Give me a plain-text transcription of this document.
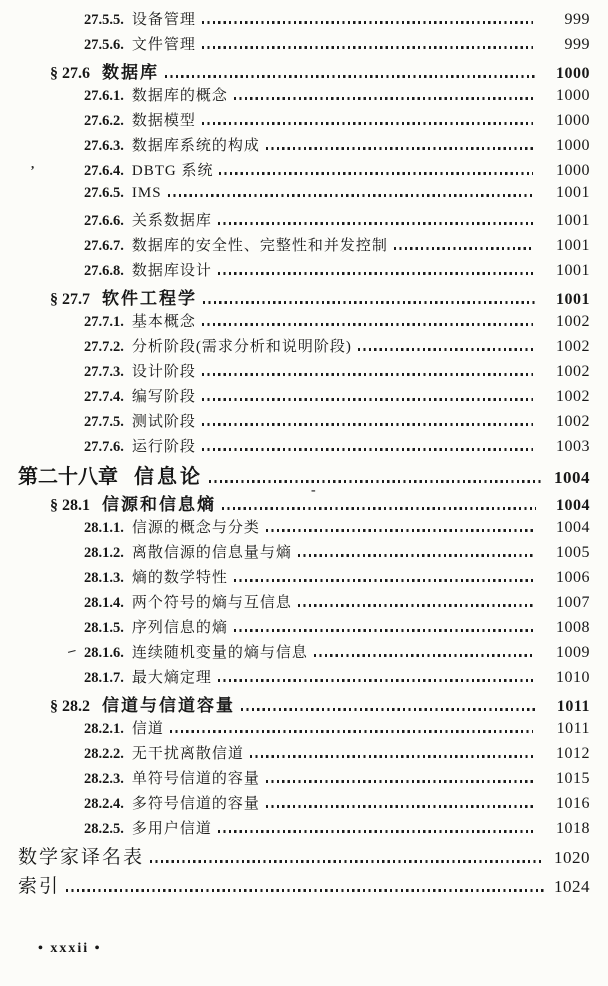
27.5.5. 设备管理	999
27.5.6. 文件管理	999
§ 27.6 数据库	1000
27.6.1. 数据库的概念	1000
27.6.2. 数据模型	1000
27.6.3. 数据库系统的构成	1000
27.6.4. DBTG 系统	1000
27.6.5. IMS	1001
27.6.6. 关系数据库	1001
27.6.7. 数据库的安全性、完整性和并发控制	1001
27.6.8. 数据库设计	1001
§ 27.7 软件工程学	1001
27.7.1. 基本概念	1002
27.7.2. 分析阶段(需求分析和说明阶段)	1002
27.7.3. 设计阶段	1002
27.7.4. 编写阶段	1002
27.7.5. 测试阶段	1002
27.7.6. 运行阶段	1003
第二十八章 信息论	1004
§ 28.1 信源和信息熵	1004
28.1.1. 信源的概念与分类	1004
28.1.2. 离散信源的信息量与熵	1005
28.1.3. 熵的数学特性	1006
28.1.4. 两个符号的熵与互信息	1007
28.1.5. 序列信息的熵	1008
28.1.6. 连续随机变量的熵与信息	1009
28.1.7. 最大熵定理	1010
§ 28.2 信道与信道容量	1011
28.2.1. 信道	1011
28.2.2. 无干扰离散信道	1012
28.2.3. 单符号信道的容量	1015
28.2.4. 多符号信道的容量	1016
28.2.5. 多用户信道	1018
数学家译名表	1020
索引	1024
• xxxii •
,
-
–
